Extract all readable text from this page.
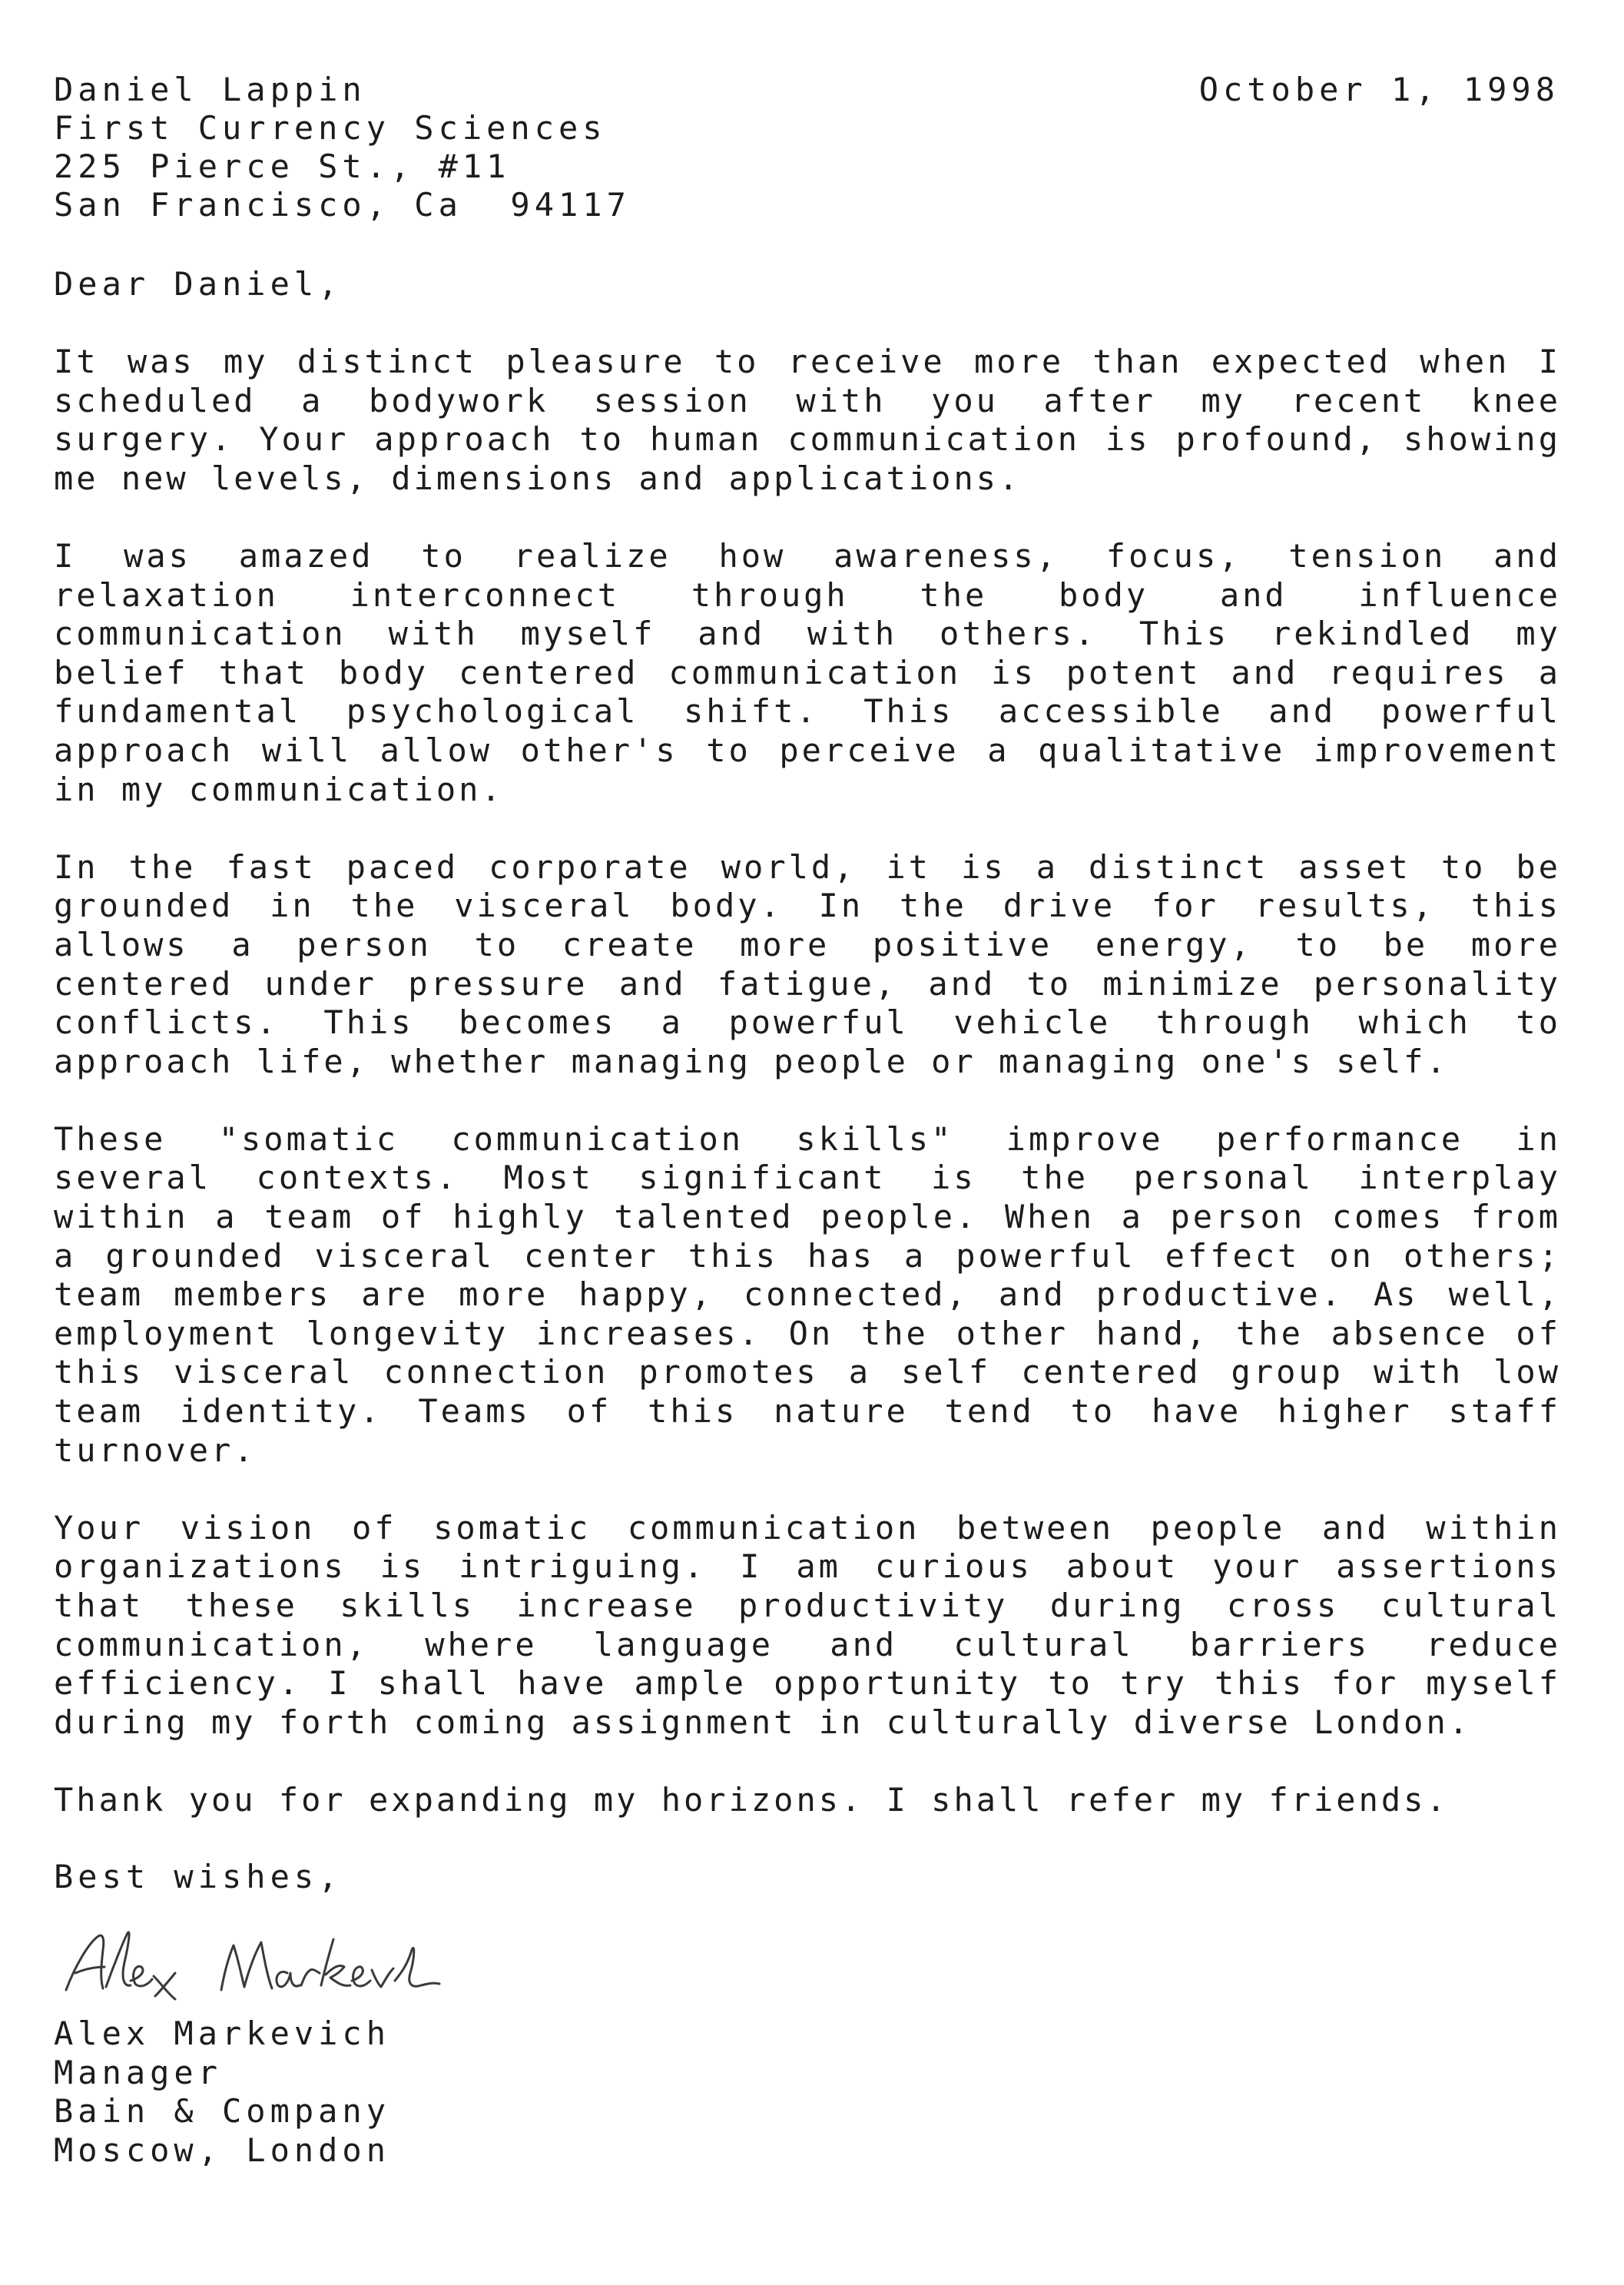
Daniel Lappin
First Currency Sciences
225 Pierce St., #11
San Francisco, Ca  94117
October 1, 1998
Dear Daniel,

It was my distinct pleasure to receive more than expected when I scheduled a bodywork session with you after my recent knee surgery. Your approach to human communication is profound, showing me new levels, dimensions and applications.

I was amazed to realize how awareness, focus, tension and relaxation interconnect through the body and influence communication with myself and with others. This rekindled my belief that body centered communication is potent and requires a fundamental psychological shift. This accessible and powerful approach will allow other's to perceive a qualitative improvement in my communication.

In the fast paced corporate world, it is a distinct asset to be grounded in the visceral body. In the drive for results, this allows a person to create more positive energy, to be more centered under pressure and fatigue, and to minimize personality conflicts. This becomes a powerful vehicle through which to approach life, whether managing people or managing one's self.

These "somatic communication skills" improve performance in several contexts. Most significant is the personal interplay within a team of highly talented people. When a person comes from a grounded visceral center this has a powerful effect on others; team members are more happy, connected, and productive. As well, employment longevity increases. On the other hand, the absence of this visceral connection promotes a self centered group with low team identity. Teams of this nature tend to have higher staff turnover.

Your vision of somatic communication between people and within organizations is intriguing. I am curious about your assertions that these skills increase productivity during cross cultural communication, where language and cultural barriers reduce efficiency. I shall have ample opportunity to try this for myself during my forth coming assignment in culturally diverse London.

Thank you for expanding my horizons. I shall refer my friends.

Best wishes,
Alex Markevich
Manager
Bain & Company
Moscow, London
